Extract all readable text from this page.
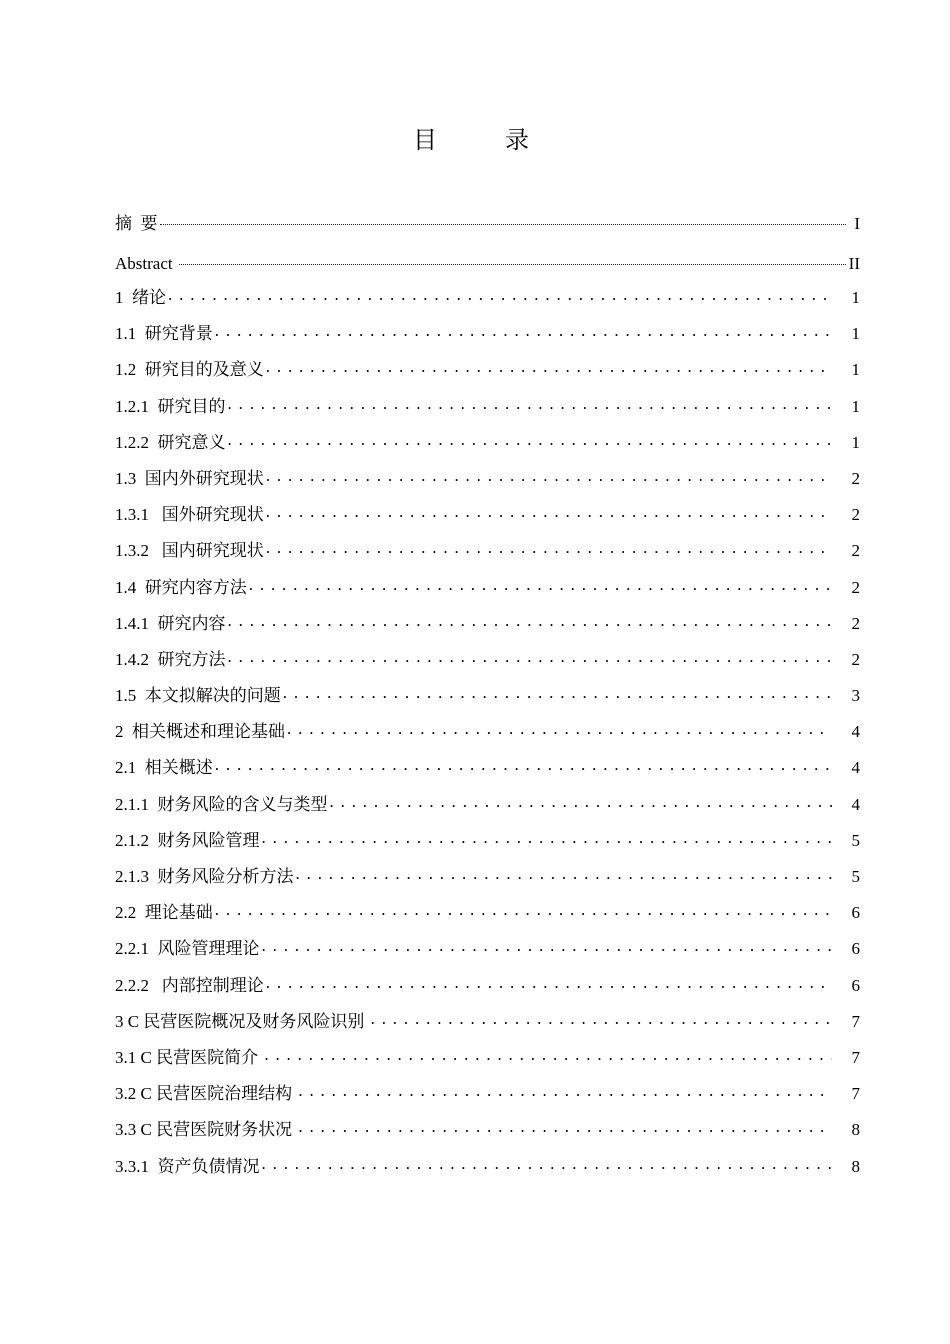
目　录
摘  要	I
Abstract	II
1  绪论 . . .	1
1.1  研究背景 . . .	1
1.2  研究目的及意义 . . .	1
1.2.1  研究目的 . . .	1
1.2.2  研究意义 . . .	1
1.3  国内外研究现状 . . .	2
1.3.1   国外研究现状 . . .	2
1.3.2   国内研究现状 . . .	2
1.4  研究内容方法 . . .	2
1.4.1  研究内容 . . .	2
1.4.2  研究方法 . . .	2
1.5  本文拟解决的问题 . . .	3
2  相关概述和理论基础 . . .	4
2.1  相关概述 . . .	4
2.1.1  财务风险的含义与类型 . . .	4
2.1.2  财务风险管理 . . .	5
2.1.3  财务风险分析方法 . . .	5
2.2  理论基础 . . .	6
2.2.1  风险管理理论 . . .	6
2.2.2   内部控制理论 . . .	6
3 C 民营医院概况及财务风险识别 . . .	7
3.1 C 民营医院简介 . . .	7
3.2 C 民营医院治理结构 . . .	7
3.3 C 民营医院财务状况 . . .	8
3.3.1  资产负债情况 . . .	8
